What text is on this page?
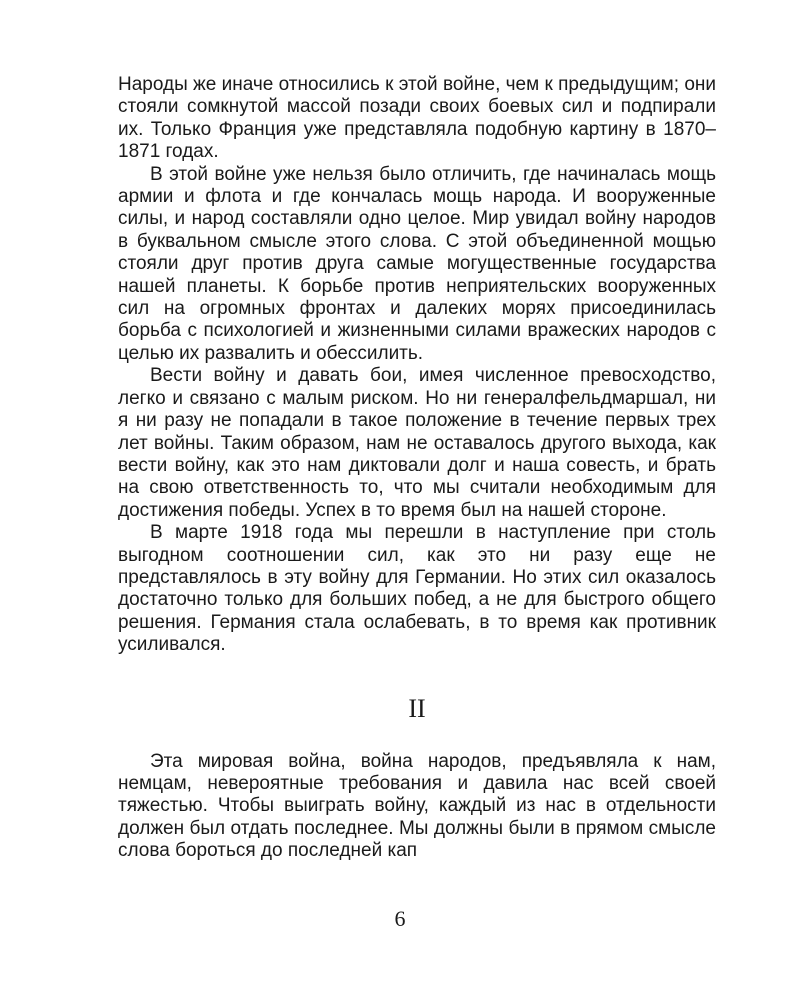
Народы же иначе относились к этой войне, чем к предыдущим; они стояли сомкнутой массой позади своих боевых сил и подпирали их. Только Франция уже представляла подобную картину в 1870–1871 годах.

В этой войне уже нельзя было отличить, где начиналась мощь армии и флота и где кончалась мощь народа. И вооруженные силы, и народ составляли одно целое. Мир увидал войну народов в буквальном смысле этого слова. С этой объединенной мощью стояли друг против друга самые могущественные государства нашей планеты. К борьбе против неприятельских вооруженных сил на огромных фронтах и далеких морях присоединилась борьба с психологией и жизненными силами вражеских народов с целью их развалить и обессилить.

Вести войну и давать бои, имея численное превосходство, легко и связано с малым риском. Но ни генералфельдмаршал, ни я ни разу не попадали в такое положение в течение первых трех лет войны. Таким образом, нам не оставалось другого выхода, как вести войну, как это нам диктовали долг и наша совесть, и брать на свою ответственность то, что мы считали необходимым для достижения победы. Успех в то время был на нашей стороне.

В марте 1918 года мы перешли в наступление при столь выгодном соотношении сил, как это ни разу еще не представлялось в эту войну для Германии. Но этих сил оказалось достаточно только для больших побед, а не для быстрого общего решения. Германия стала ослабевать, в то время как противник усиливался.

II

Эта мировая война, война народов, предъявляла к нам, немцам, невероятные требования и давила нас всей своей тяжестью. Чтобы выиграть войну, каждый из нас в отдельности должен был отдать последнее. Мы должны были в прямом смысле слова бороться до последней кап

6
